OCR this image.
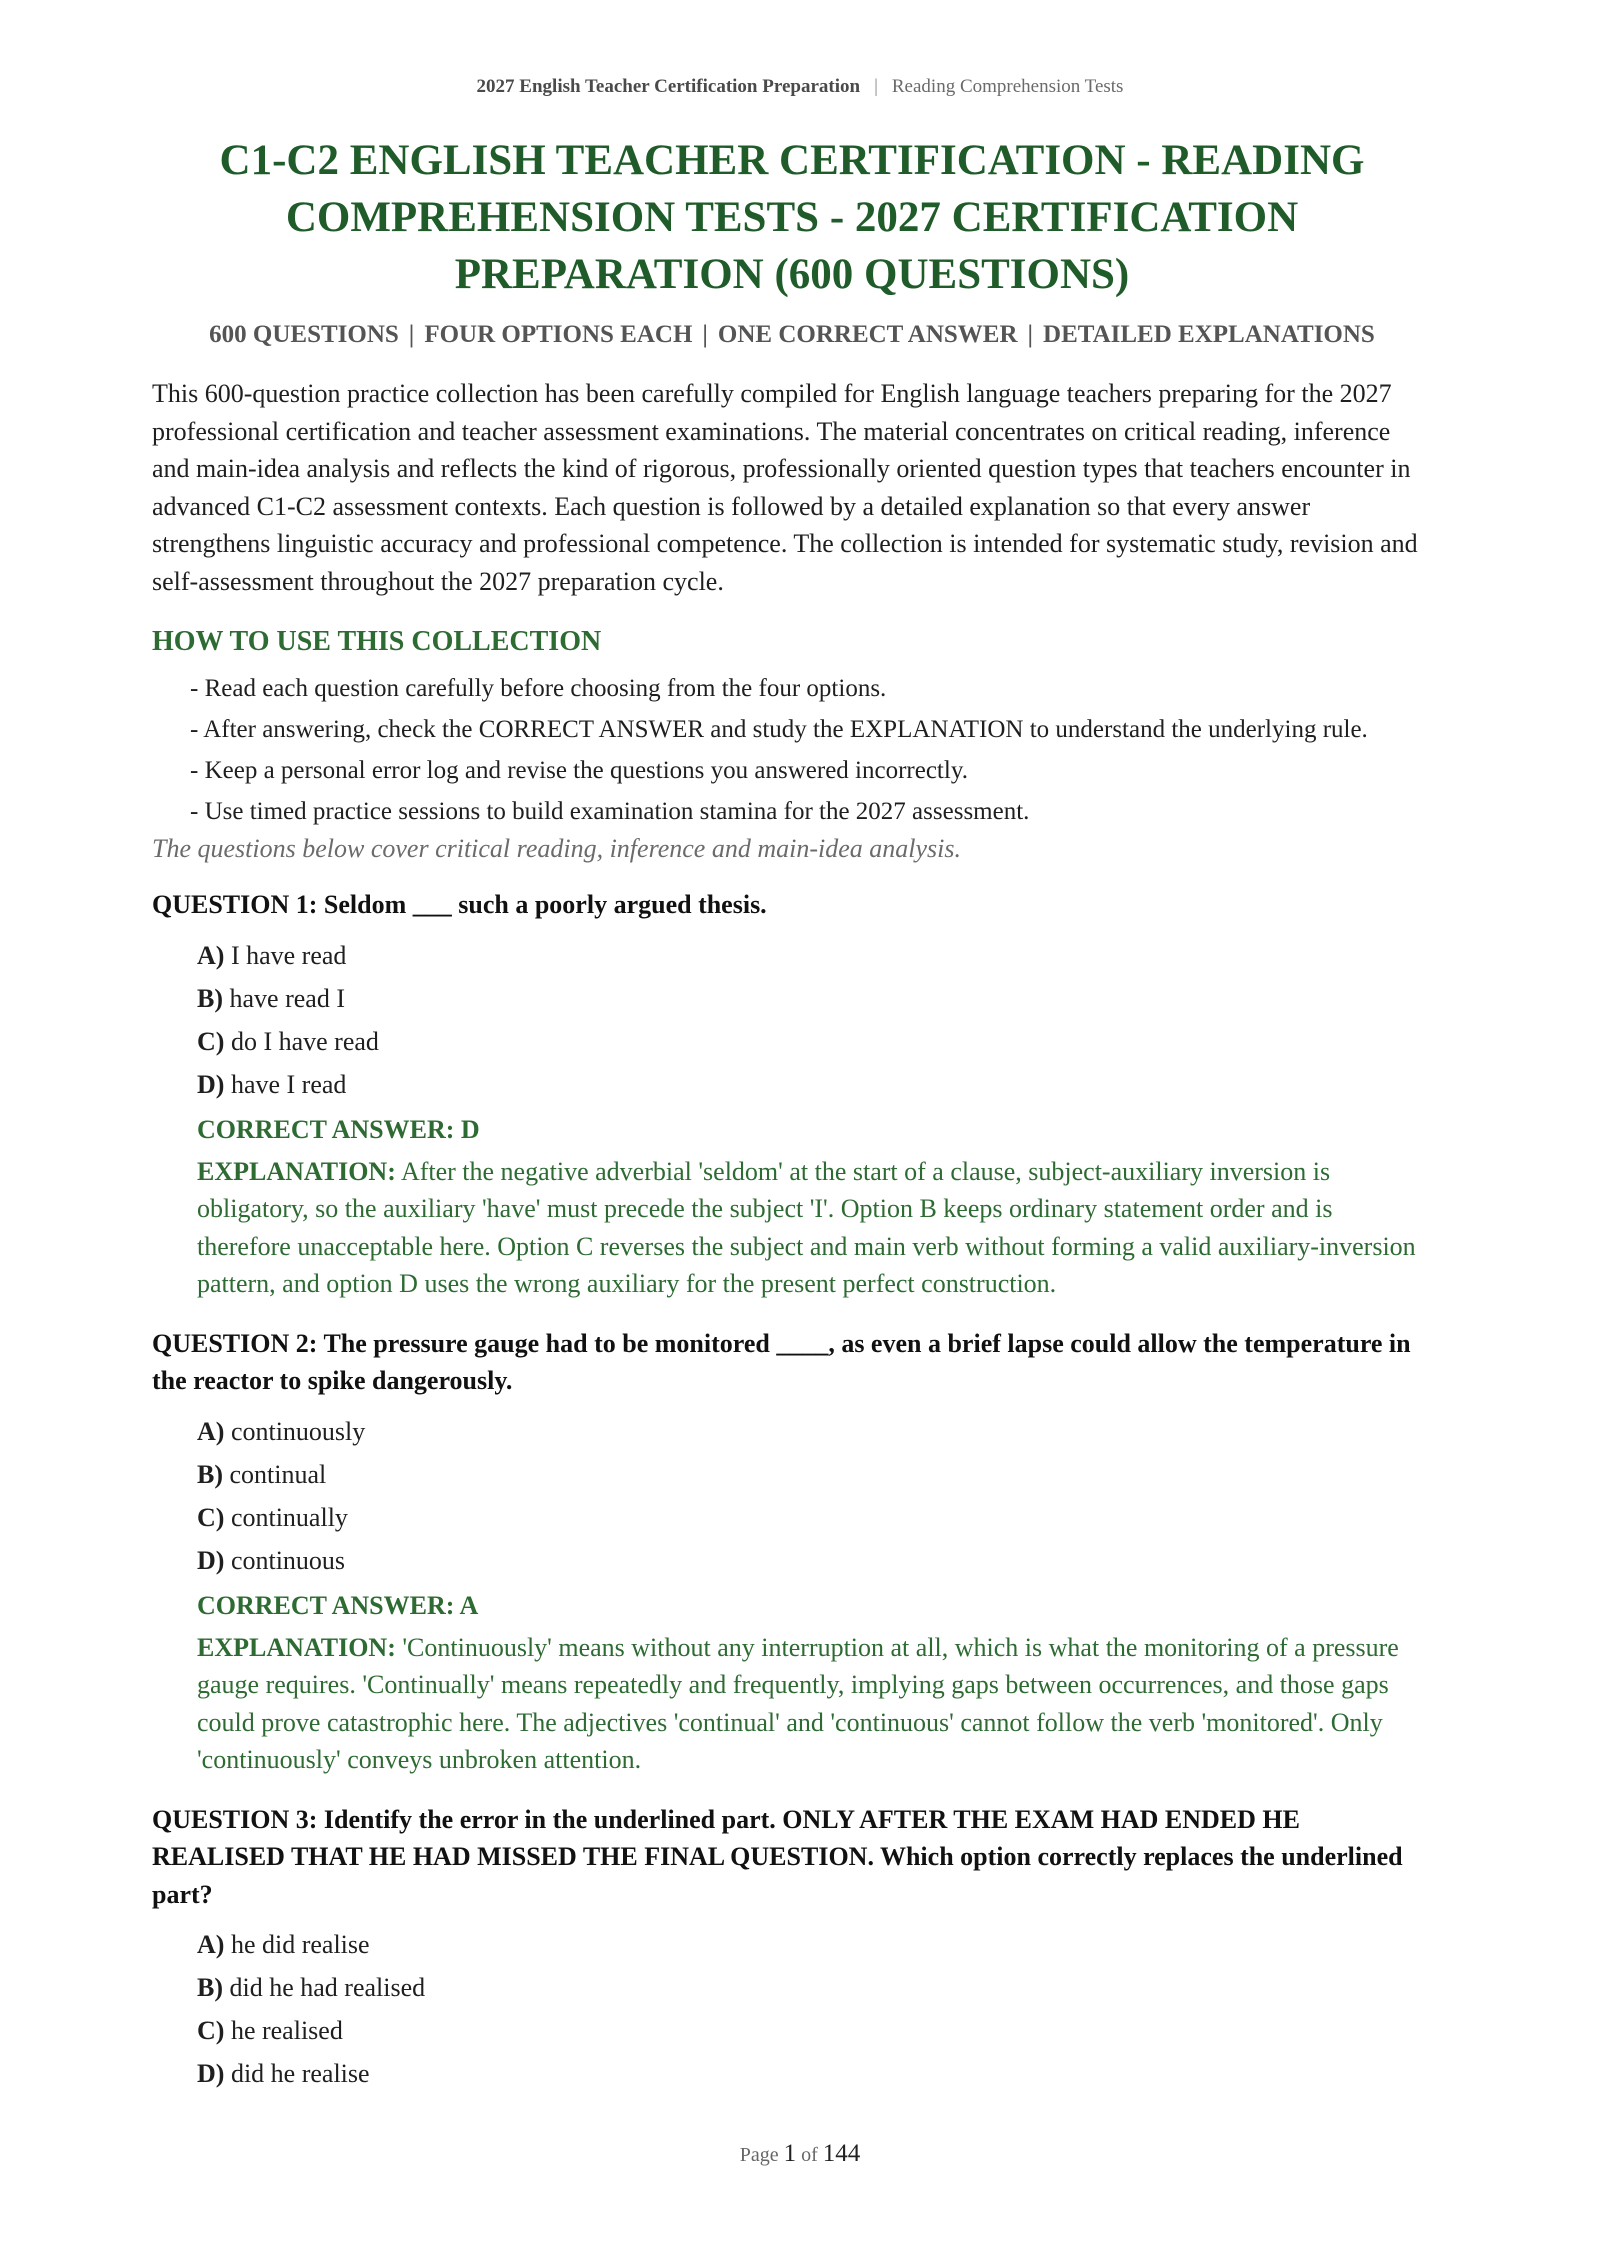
2027 English Teacher Certification Preparation | Reading Comprehension Tests
C1-C2 ENGLISH TEACHER CERTIFICATION - READING COMPREHENSION TESTS - 2027 CERTIFICATION PREPARATION (600 QUESTIONS)
600 QUESTIONS | FOUR OPTIONS EACH | ONE CORRECT ANSWER | DETAILED EXPLANATIONS

This 600-question practice collection has been carefully compiled for English language teachers preparing for the 2027 professional certification and teacher assessment examinations. The material concentrates on critical reading, inference and main-idea analysis and reflects the kind of rigorous, professionally oriented question types that teachers encounter in advanced C1-C2 assessment contexts. Each question is followed by a detailed explanation so that every answer strengthens linguistic accuracy and professional competence. The collection is intended for systematic study, revision and self-assessment throughout the 2027 preparation cycle.

HOW TO USE THIS COLLECTION
- Read each question carefully before choosing from the four options.
- After answering, check the CORRECT ANSWER and study the EXPLANATION to understand the underlying rule.
- Keep a personal error log and revise the questions you answered incorrectly.
- Use timed practice sessions to build examination stamina for the 2027 assessment.
The questions below cover critical reading, inference and main-idea analysis.
QUESTION 1: Seldom ___ such a poorly argued thesis.
A) I have read
B) have read I
C) do I have read
D) have I read
CORRECT ANSWER: D
EXPLANATION: After the negative adverbial 'seldom' at the start of a clause, subject-auxiliary inversion is obligatory, so the auxiliary 'have' must precede the subject 'I'. Option B keeps ordinary statement order and is therefore unacceptable here. Option C reverses the subject and main verb without forming a valid auxiliary-inversion pattern, and option D uses the wrong auxiliary for the present perfect construction.
QUESTION 2: The pressure gauge had to be monitored ____, as even a brief lapse could allow the temperature in the reactor to spike dangerously.
A) continuously
B) continual
C) continually
D) continuous
CORRECT ANSWER: A
EXPLANATION: 'Continuously' means without any interruption at all, which is what the monitoring of a pressure gauge requires. 'Continually' means repeatedly and frequently, implying gaps between occurrences, and those gaps could prove catastrophic here. The adjectives 'continual' and 'continuous' cannot follow the verb 'monitored'. Only 'continuously' conveys unbroken attention.
QUESTION 3: Identify the error in the underlined part. ONLY AFTER THE EXAM HAD ENDED HE REALISED THAT HE HAD MISSED THE FINAL QUESTION. Which option correctly replaces the underlined part?
A) he did realise
B) did he had realised
C) he realised
D) did he realise
Page 1 of 144
